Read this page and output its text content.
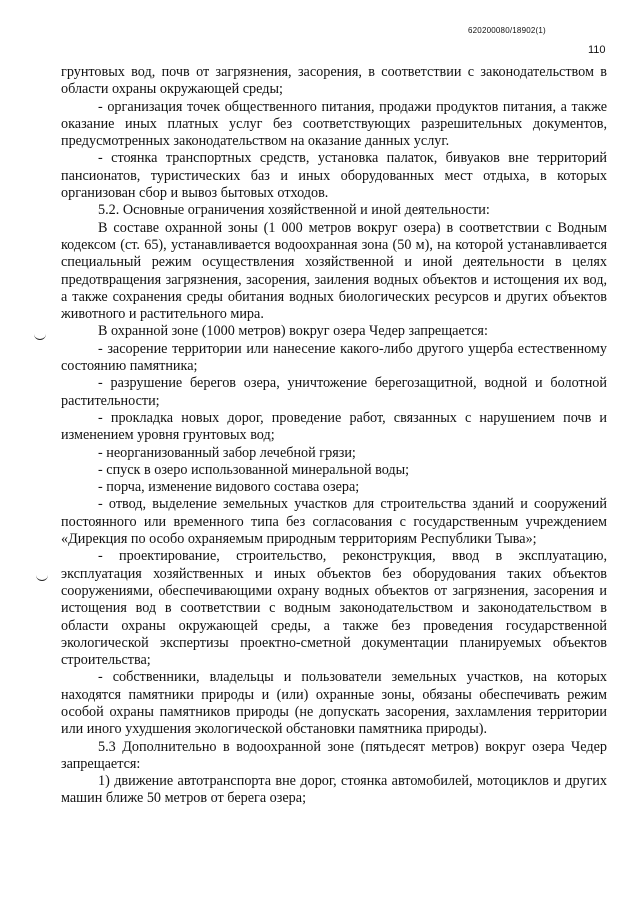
620200080/18902(1)
110

грунтовых вод, почв от загрязнения, засорения, в соответствии с законодательством в области охраны окружающей среды;

- организация точек общественного питания, продажи продуктов питания, а также оказание иных платных услуг без соответствующих разрешительных документов, предусмотренных законодательством на оказание данных услуг.

- стоянка транспортных средств, установка палаток, бивуаков вне территорий пансионатов, туристических баз и иных оборудованных мест отдыха, в которых организован сбор и вывоз бытовых отходов.

5.2. Основные ограничения хозяйственной и иной деятельности:

В составе охранной зоны (1 000 метров вокруг озера) в соответствии с Водным кодексом (ст. 65), устанавливается водоохранная зона (50 м), на которой устанавливается специальный режим осуществления хозяйственной и иной деятельности в целях предотвращения загрязнения, засорения, заиления водных объектов и истощения их вод, а также сохранения среды обитания водных биологических ресурсов и других объектов животного и растительного мира.

В охранной зоне (1000 метров) вокруг озера Чедер запрещается:

- засорение территории или нанесение какого-либо другого ущерба естественному состоянию памятника;

- разрушение берегов озера, уничтожение берегозащитной, водной и болотной растительности;

- прокладка новых дорог, проведение работ, связанных с нарушением почв и изменением уровня грунтовых вод;

- неорганизованный забор лечебной грязи;

- спуск в озеро использованной минеральной воды;

- порча, изменение видового состава озера;

- отвод, выделение земельных участков для строительства зданий и сооружений постоянного или временного типа без согласования с государственным учреждением «Дирекция по особо охраняемым природным территориям Республики Тыва»;

- проектирование, строительство, реконструкция, ввод в эксплуатацию, эксплуатация хозяйственных и иных объектов без оборудования таких объектов сооружениями, обеспечивающими охрану водных объектов от загрязнения, засорения и истощения вод в соответствии с водным законодательством и законодательством в области охраны окружающей среды, а также без проведения государственной экологической экспертизы проектно-сметной документации планируемых объектов строительства;

- собственники, владельцы и пользователи земельных участков, на которых находятся памятники природы и (или) охранные зоны, обязаны обеспечивать режим особой охраны памятников природы (не допускать засорения, захламления территории или иного ухудшения экологической обстановки памятника природы).

5.3 Дополнительно в водоохранной зоне (пятьдесят метров) вокруг озера Чедер запрещается:

1) движение автотранспорта вне дорог, стоянка автомобилей, мотоциклов и других машин ближе 50 метров от берега озера;
